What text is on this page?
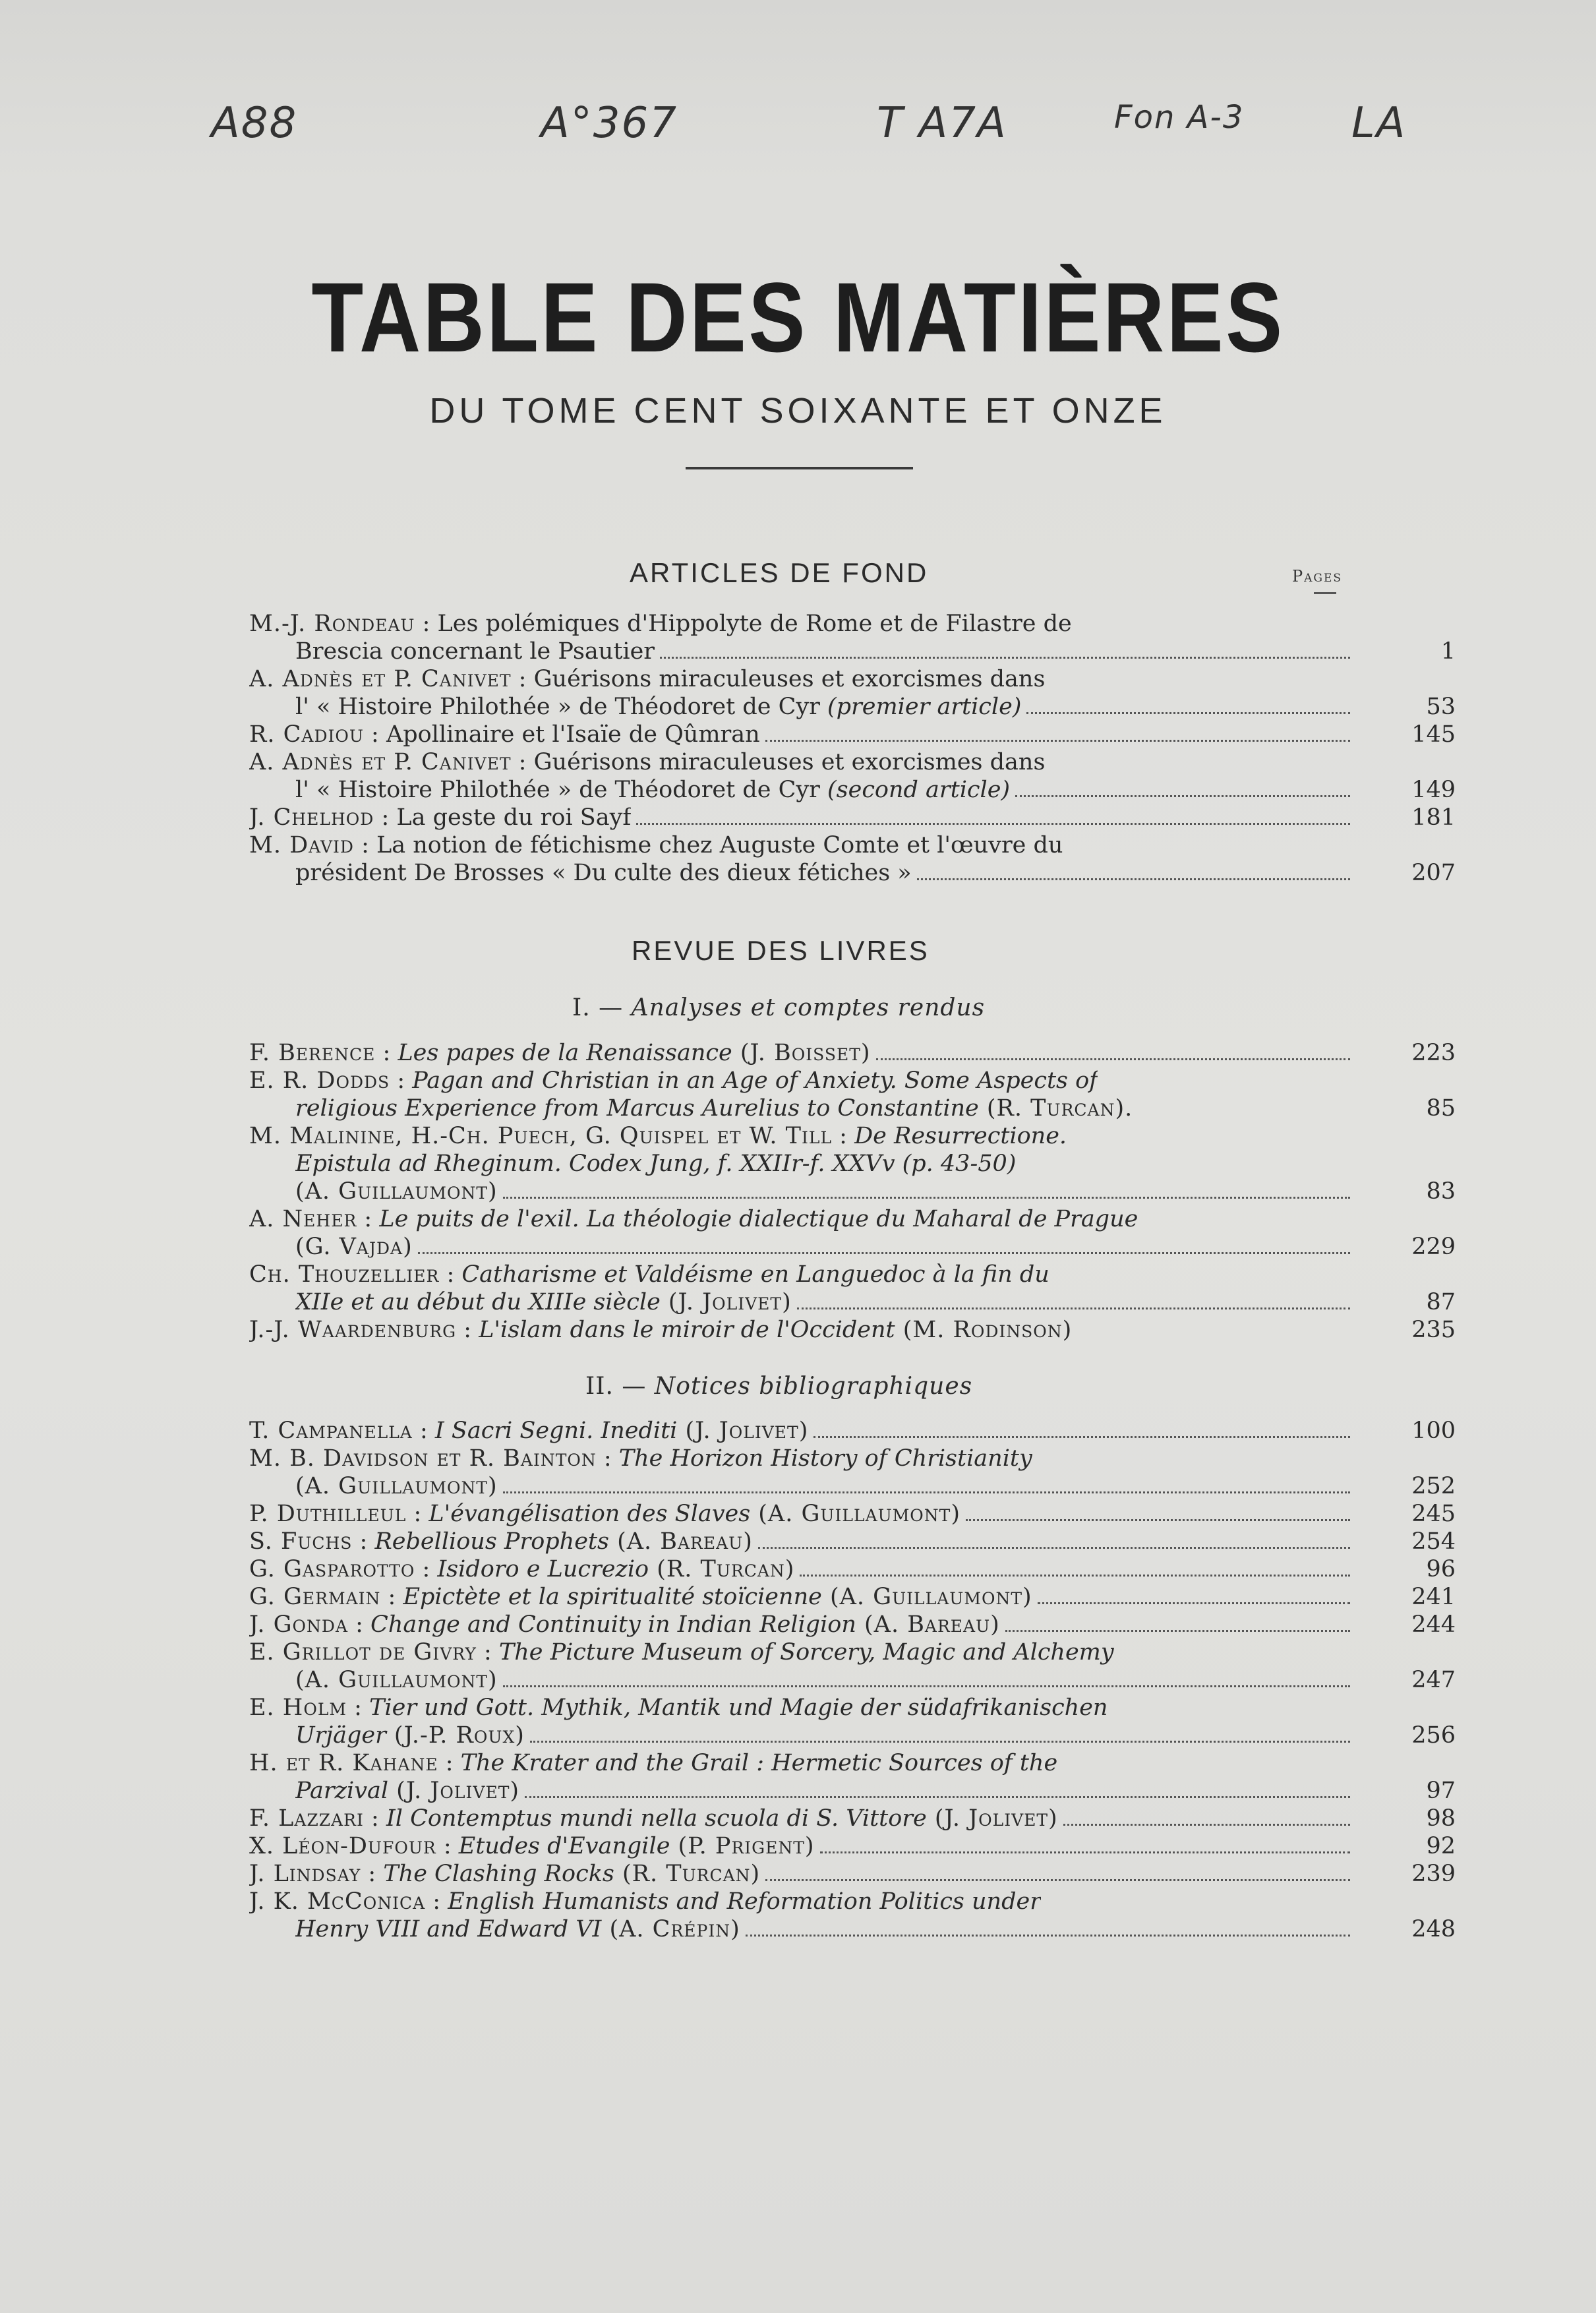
A88	A°367	T A7A	Fon A-3	LA
TABLE DES MATIÈRES
DU TOME CENT SOIXANTE ET ONZE
ARTICLES DE FOND	Pages
M.-J. Rondeau : Les polémiques d'Hippolyte de Rome et de Filastre de
Brescia concernant le Psautier	1
A. Adnès et P. Canivet : Guérisons miraculeuses et exorcismes dans
l' « Histoire Philothée » de Théodoret de Cyr (premier article)	53
R. Cadiou : Apollinaire et l'Isaïe de Qûmran	145
A. Adnès et P. Canivet : Guérisons miraculeuses et exorcismes dans
l' « Histoire Philothée » de Théodoret de Cyr (second article)	149
J. Chelhod : La geste du roi Sayf	181
M. David : La notion de fétichisme chez Auguste Comte et l'œuvre du
président De Brosses « Du culte des dieux fétiches »	207
REVUE DES LIVRES
I. — Analyses et comptes rendus
F. Berence : Les papes de la Renaissance (J. Boisset)	223
E. R. Dodds : Pagan and Christian in an Age of Anxiety. Some Aspects of
religious Experience from Marcus Aurelius to Constantine (R. Turcan).	85
M. Malinine, H.-Ch. Puech, G. Quispel et W. Till : De Resurrectione.
Epistula ad Rheginum. Codex Jung, f. XXIIr-f. XXVv (p. 43-50)
(A. Guillaumont)	83
A. Neher : Le puits de l'exil. La théologie dialectique du Maharal de Prague
(G. Vajda)	229
Ch. Thouzellier : Catharisme et Valdéisme en Languedoc à la fin du
XIIe et au début du XIIIe siècle (J. Jolivet)	87
J.-J. Waardenburg : L'islam dans le miroir de l'Occident (M. Rodinson)	235
II. — Notices bibliographiques
T. Campanella : I Sacri Segni. Inediti (J. Jolivet)	100
M. B. Davidson et R. Bainton : The Horizon History of Christianity
(A. Guillaumont)	252
P. Duthilleul : L'évangélisation des Slaves (A. Guillaumont)	245
S. Fuchs : Rebellious Prophets (A. Bareau)	254
G. Gasparotto : Isidoro e Lucrezio (R. Turcan)	96
G. Germain : Epictète et la spiritualité stoïcienne (A. Guillaumont)	241
J. Gonda : Change and Continuity in Indian Religion (A. Bareau)	244
E. Grillot de Givry : The Picture Museum of Sorcery, Magic and Alchemy
(A. Guillaumont)	247
E. Holm : Tier und Gott. Mythik, Mantik und Magie der südafrikanischen
Urjäger (J.-P. Roux)	256
H. et R. Kahane : The Krater and the Grail : Hermetic Sources of the
Parzival (J. Jolivet)	97
F. Lazzari : Il Contemptus mundi nella scuola di S. Vittore (J. Jolivet)	98
X. Léon-Dufour : Etudes d'Evangile (P. Prigent)	92
J. Lindsay : The Clashing Rocks (R. Turcan)	239
J. K. McConica : English Humanists and Reformation Politics under
Henry VIII and Edward VI (A. Crépin)	248
